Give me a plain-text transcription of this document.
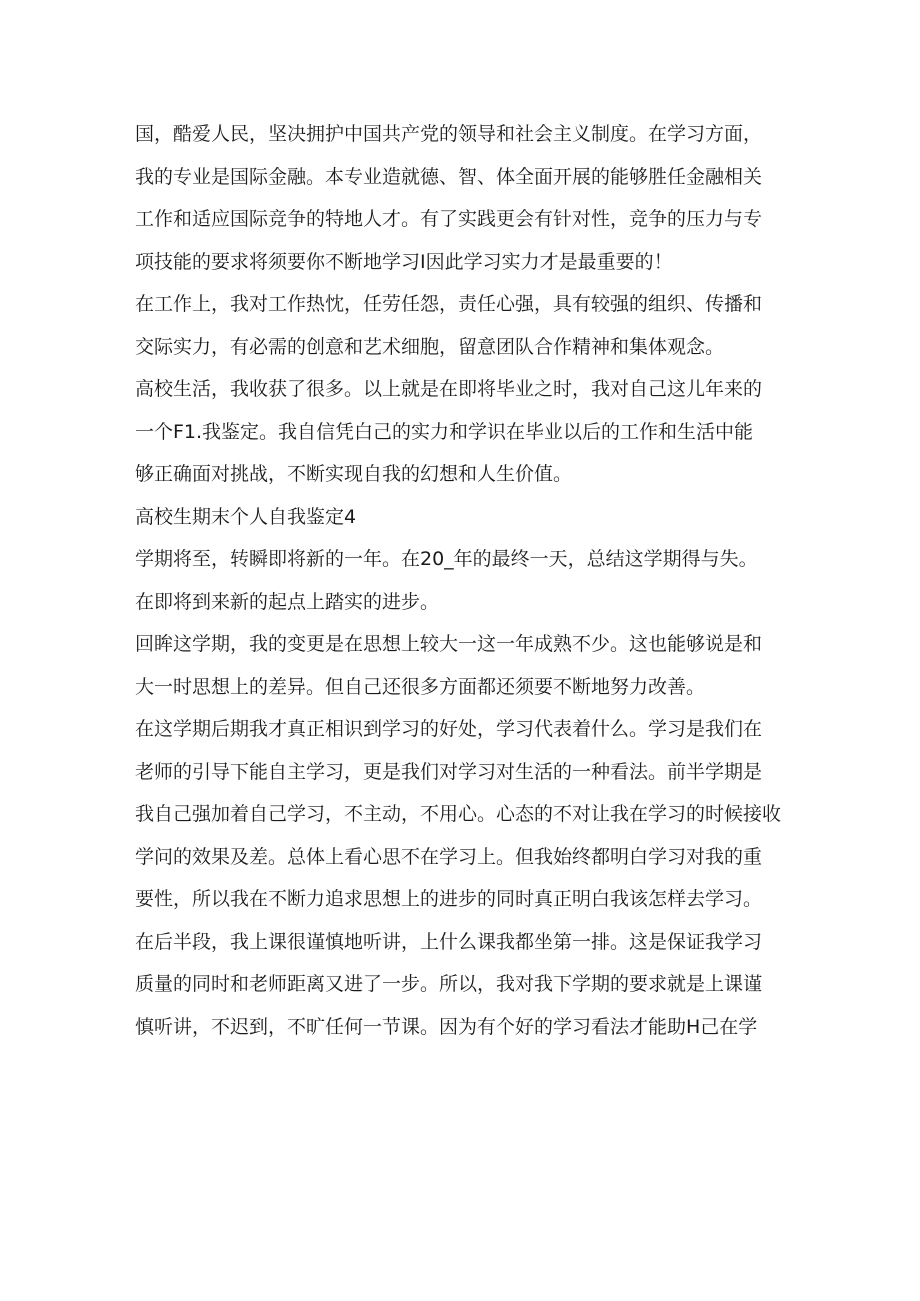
国，酷爱人民，坚决拥护中国共产党的领导和社会主义制度。在学习方面，
我的专业是国际金融。本专业造就德、智、体全面开展的能够胜任金融相关
工作和适应国际竞争的特地人才。有了实践更会有针对性，竞争的压力与专
项技能的要求将须要你不断地学习I因此学习实力才是最重要的！
在工作上，我对工作热忱，任劳任怨，责任心强，具有较强的组织、传播和
交际实力，有必需的创意和艺术细胞，留意团队合作精神和集体观念。
高校生活，我收获了很多。以上就是在即将毕业之时，我对自己这儿年来的
一个F1.我鉴定。我自信凭白己的实力和学识在毕业以后的工作和生活中能
够正确面对挑战，不断实现自我的幻想和人生价值。
高校生期末个人自我鉴定4
学期将至，转瞬即将新的一年。在20_年的最终一天，总结这学期得与失。
在即将到来新的起点上踏实的进步。
回眸这学期，我的变更是在思想上较大一这一年成熟不少。这也能够说是和
大一时思想上的差异。但自己还很多方面都还须要不断地努力改善。
在这学期后期我才真正相识到学习的好处，学习代表着什么。学习是我们在
老师的引导下能自主学习，更是我们对学习对生活的一种看法。前半学期是
我自己强加着自己学习，不主动，不用心。心态的不对让我在学习的时候接收
学问的效果及差。总体上看心思不在学习上。但我始终都明白学习对我的重
要性，所以我在不断力追求思想上的进步的同时真正明白我该怎样去学习。
在后半段，我上课很谨慎地听讲，上什么课我都坐第一排。这是保证我学习
质量的同时和老师距离又进了一步。所以，我对我下学期的要求就是上课谨
慎听讲，不迟到，不旷任何一节课。因为有个好的学习看法才能助H己在学
